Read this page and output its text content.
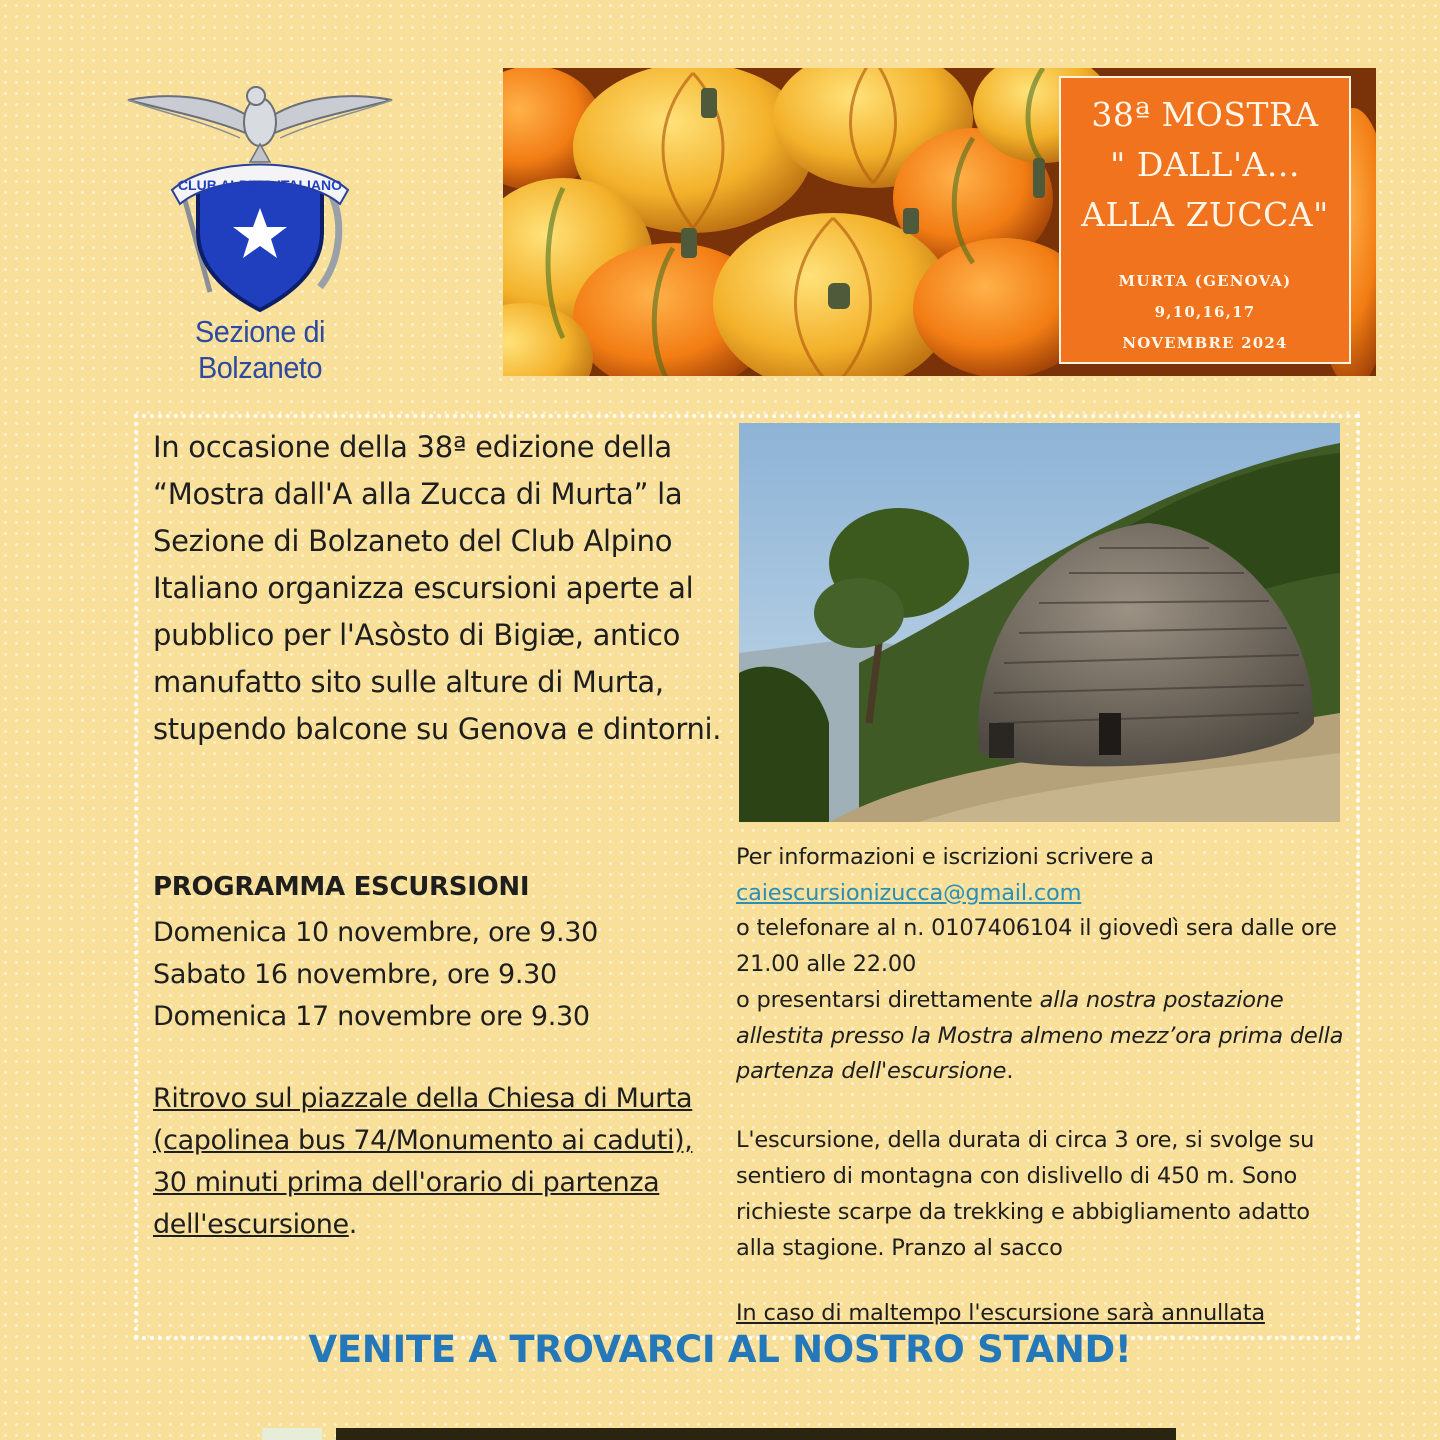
CLUB ALPINO ITALIANO
Sezione di Bolzaneto
38ª MOSTRA
" DALL'A...
ALLA ZUCCA"
MURTA (GENOVA)
9,10,16,17
NOVEMBRE 2024
In occasione della 38ª edizione della “Mostra dall'A alla Zucca di Murta” la Sezione di Bolzaneto del Club Alpino Italiano organizza escursioni aperte al pubblico per l'Asòsto di Bigiæ, antico manufatto sito sulle alture di Murta, stupendo balcone su Genova e dintorni.
PROGRAMMA ESCURSIONI
Domenica 10 novembre, ore 9.30
Sabato 16 novembre, ore 9.30
Domenica 17 novembre ore 9.30
Ritrovo sul piazzale della Chiesa di Murta (capolinea bus 74/Monumento ai caduti), 30 minuti prima dell'orario di partenza dell'escursione.
Per informazioni e iscrizioni scrivere a
caiescursionizucca@gmail.com
o telefonare al n. 0107406104 il giovedì sera dalle ore 21.00 alle 22.00
o presentarsi direttamente alla nostra postazione allestita presso la Mostra almeno mezz’ora prima della partenza dell'escursione.
L'escursione, della durata di circa 3 ore, si svolge su sentiero di montagna con dislivello di 450 m. Sono richieste scarpe da trekking e abbigliamento adatto alla stagione. Pranzo al sacco
In caso di maltempo l'escursione sarà annullata
VENITE A TROVARCI AL NOSTRO STAND!
